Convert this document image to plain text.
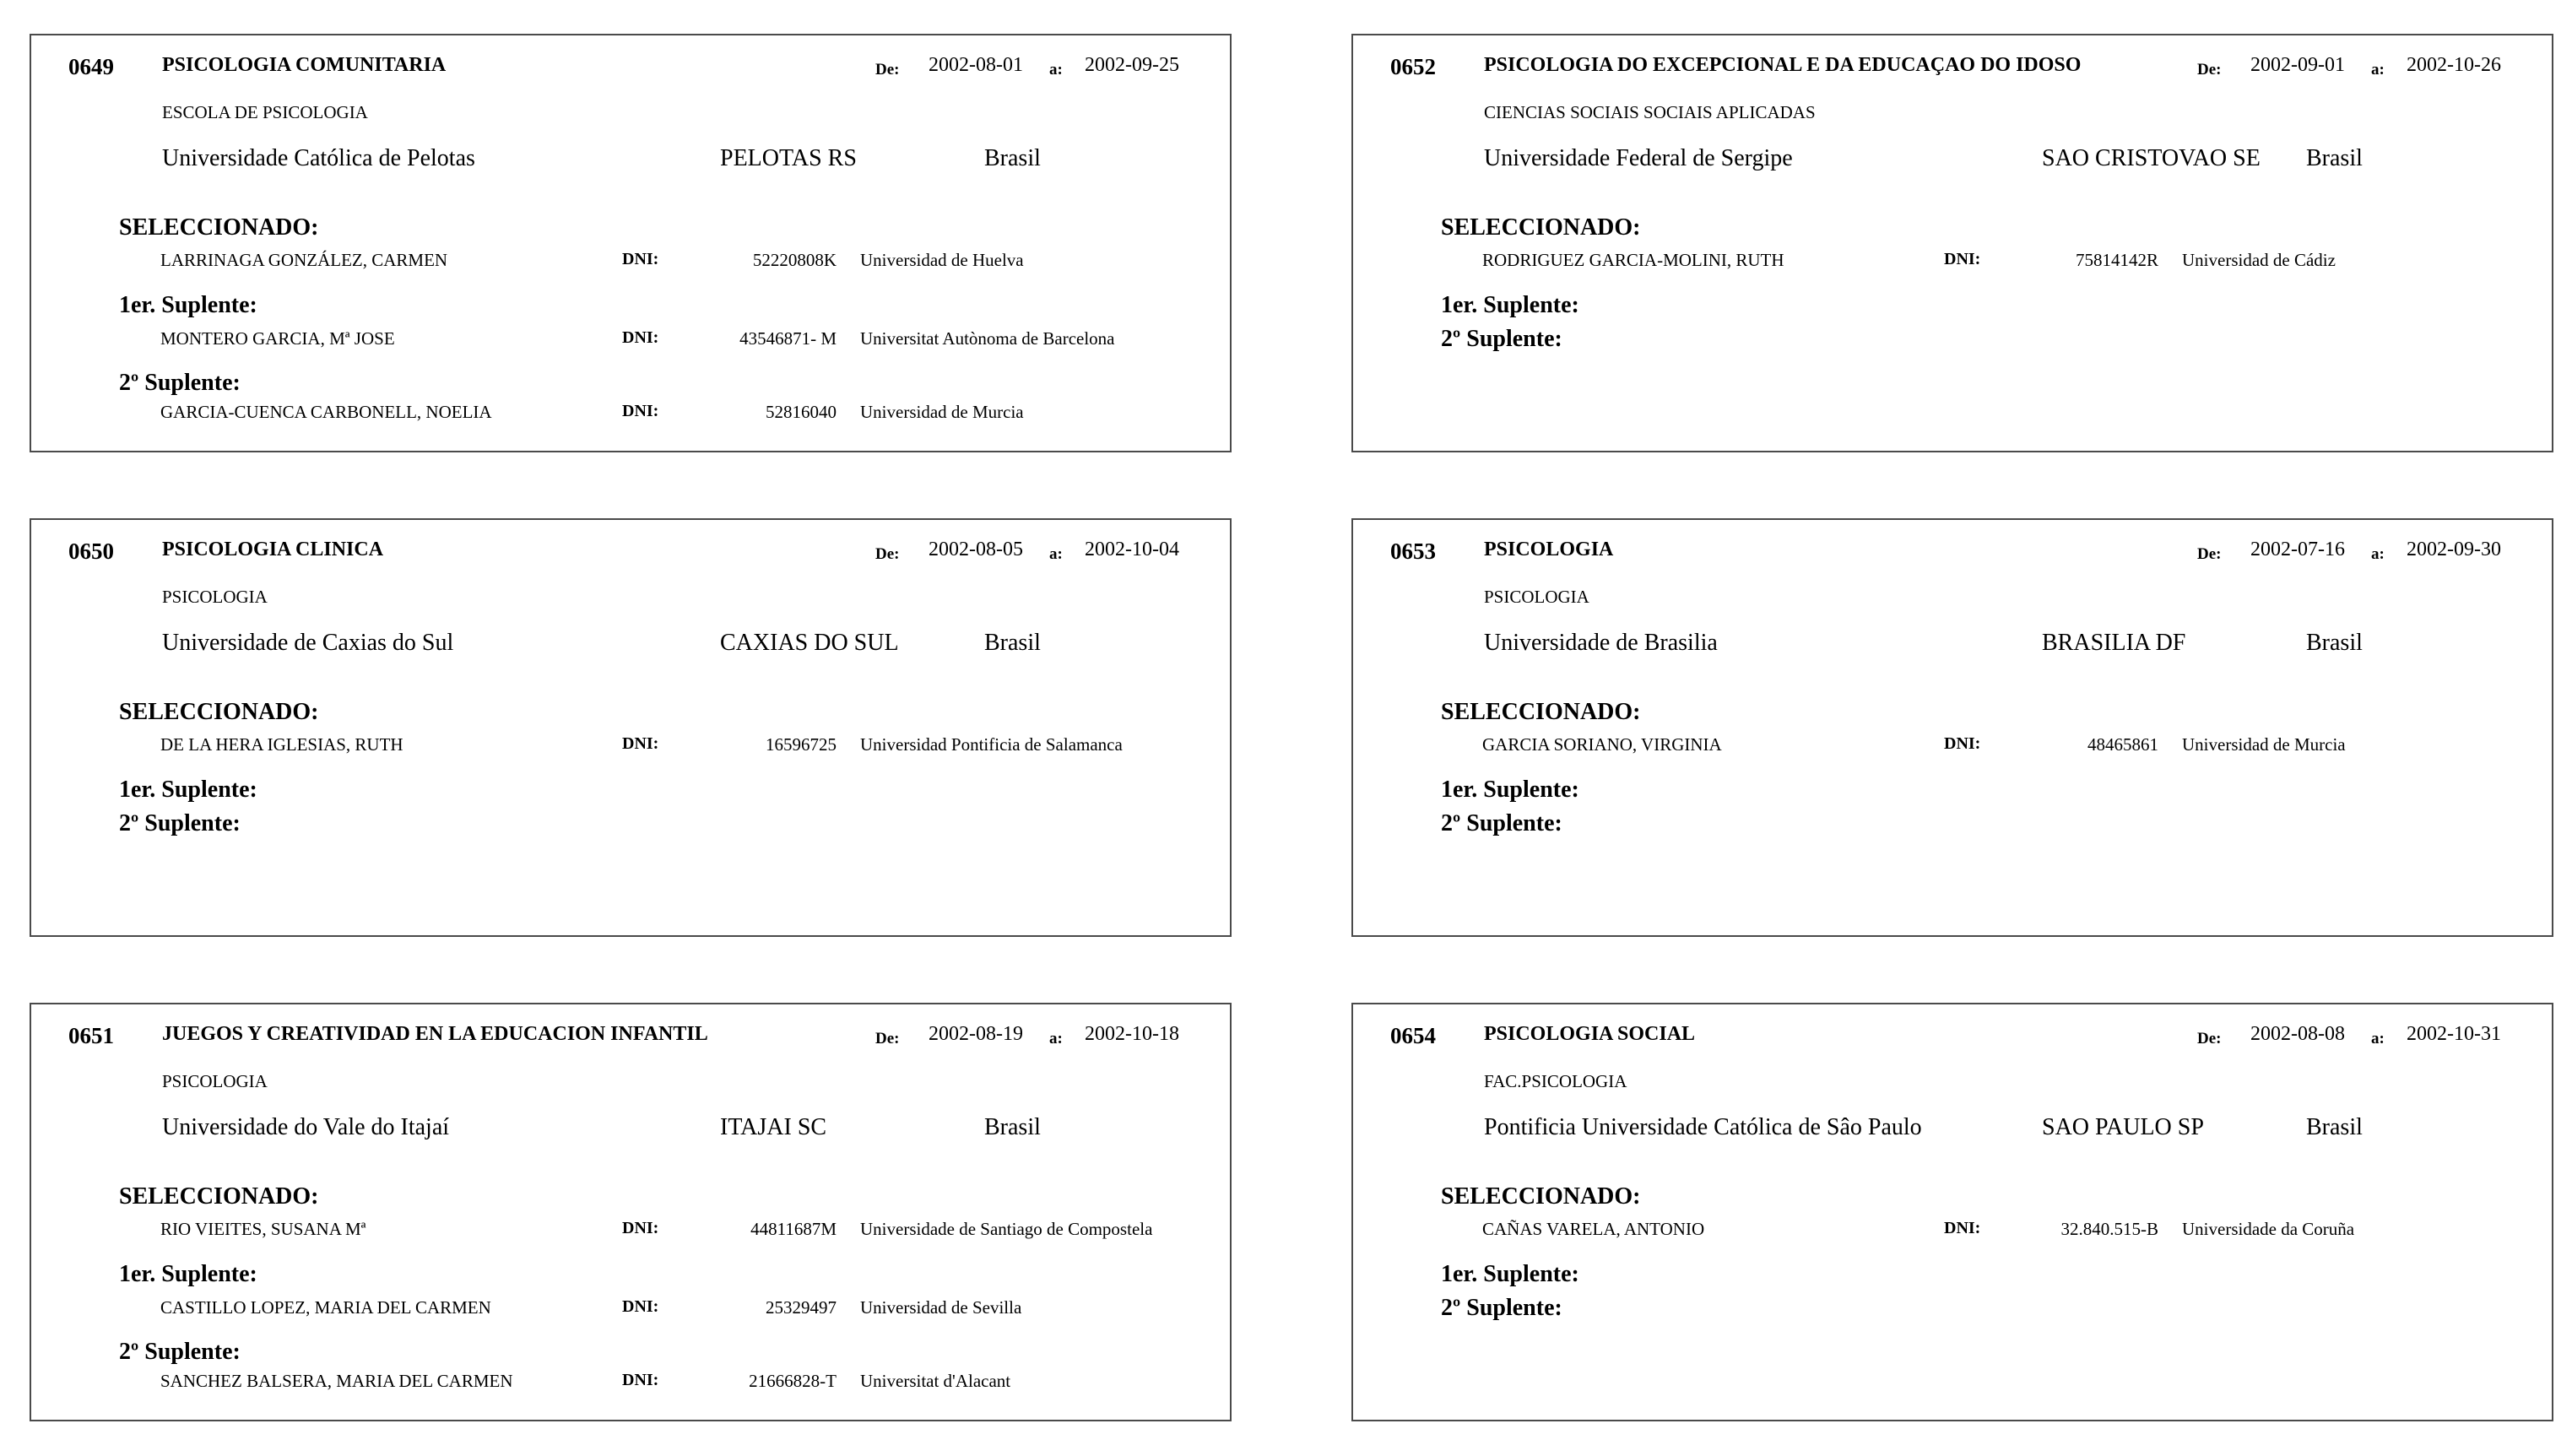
0649 PSICOLOGIA COMUNITARIA	De: 2002-08-01 a: 2002-09-25
ESCOLA DE PSICOLOGIA
Universidade Católica de Pelotas	PELOTAS RS	Brasil
SELECCIONADO:
LARRINAGA GONZÁLEZ, CARMEN	DNI:	52220808K Universidad de Huelva
1er. Suplente:
MONTERO GARCIA, Mª JOSE	DNI:	43546871- M Universitat Autònoma de Barcelona
2º Suplente:
GARCIA-CUENCA CARBONELL, NOELIA	DNI:	52816040 Universidad de Murcia
0650 PSICOLOGIA CLINICA	De: 2002-08-05 a: 2002-10-04
PSICOLOGIA
Universidade de Caxias do Sul	CAXIAS DO SUL	Brasil
SELECCIONADO:
DE LA HERA IGLESIAS, RUTH	DNI:	16596725 Universidad Pontificia de Salamanca
1er. Suplente:
2º Suplente:
0651 JUEGOS Y CREATIVIDAD EN LA EDUCACION INFANTIL	De: 2002-08-19 a: 2002-10-18
PSICOLOGIA
Universidade do Vale do Itajaí	ITAJAI SC	Brasil
SELECCIONADO:
RIO VIEITES, SUSANA Mª	DNI:	44811687M Universidade de Santiago de Compostela
1er. Suplente:
CASTILLO LOPEZ, MARIA DEL CARMEN	DNI:	25329497 Universidad de Sevilla
2º Suplente:
SANCHEZ BALSERA, MARIA DEL CARMEN	DNI:	21666828-T Universitat d'Alacant
0652 PSICOLOGIA DO EXCEPCIONAL E DA EDUCAÇAO DO IDOSO	De: 2002-09-01 a: 2002-10-26
CIENCIAS SOCIAIS SOCIAIS APLICADAS
Universidade Federal de Sergipe	SAO CRISTOVAO SE Brasil
SELECCIONADO:
RODRIGUEZ GARCIA-MOLINI, RUTH	DNI:	75814142R Universidad de Cádiz
1er. Suplente:
2º Suplente:
0653 PSICOLOGIA	De: 2002-07-16 a: 2002-09-30
PSICOLOGIA
Universidade de Brasilia	BRASILIA DF	Brasil
SELECCIONADO:
GARCIA SORIANO, VIRGINIA	DNI:	48465861 Universidad de Murcia
1er. Suplente:
2º Suplente:
0654 PSICOLOGIA SOCIAL	De: 2002-08-08 a: 2002-10-31
FAC.PSICOLOGIA
Pontificia Universidade Católica de Sâo Paulo	SAO PAULO SP	Brasil
SELECCIONADO:
CAÑAS VARELA, ANTONIO	DNI:	32.840.515-B Universidade da Coruña
1er. Suplente:
2º Suplente:
